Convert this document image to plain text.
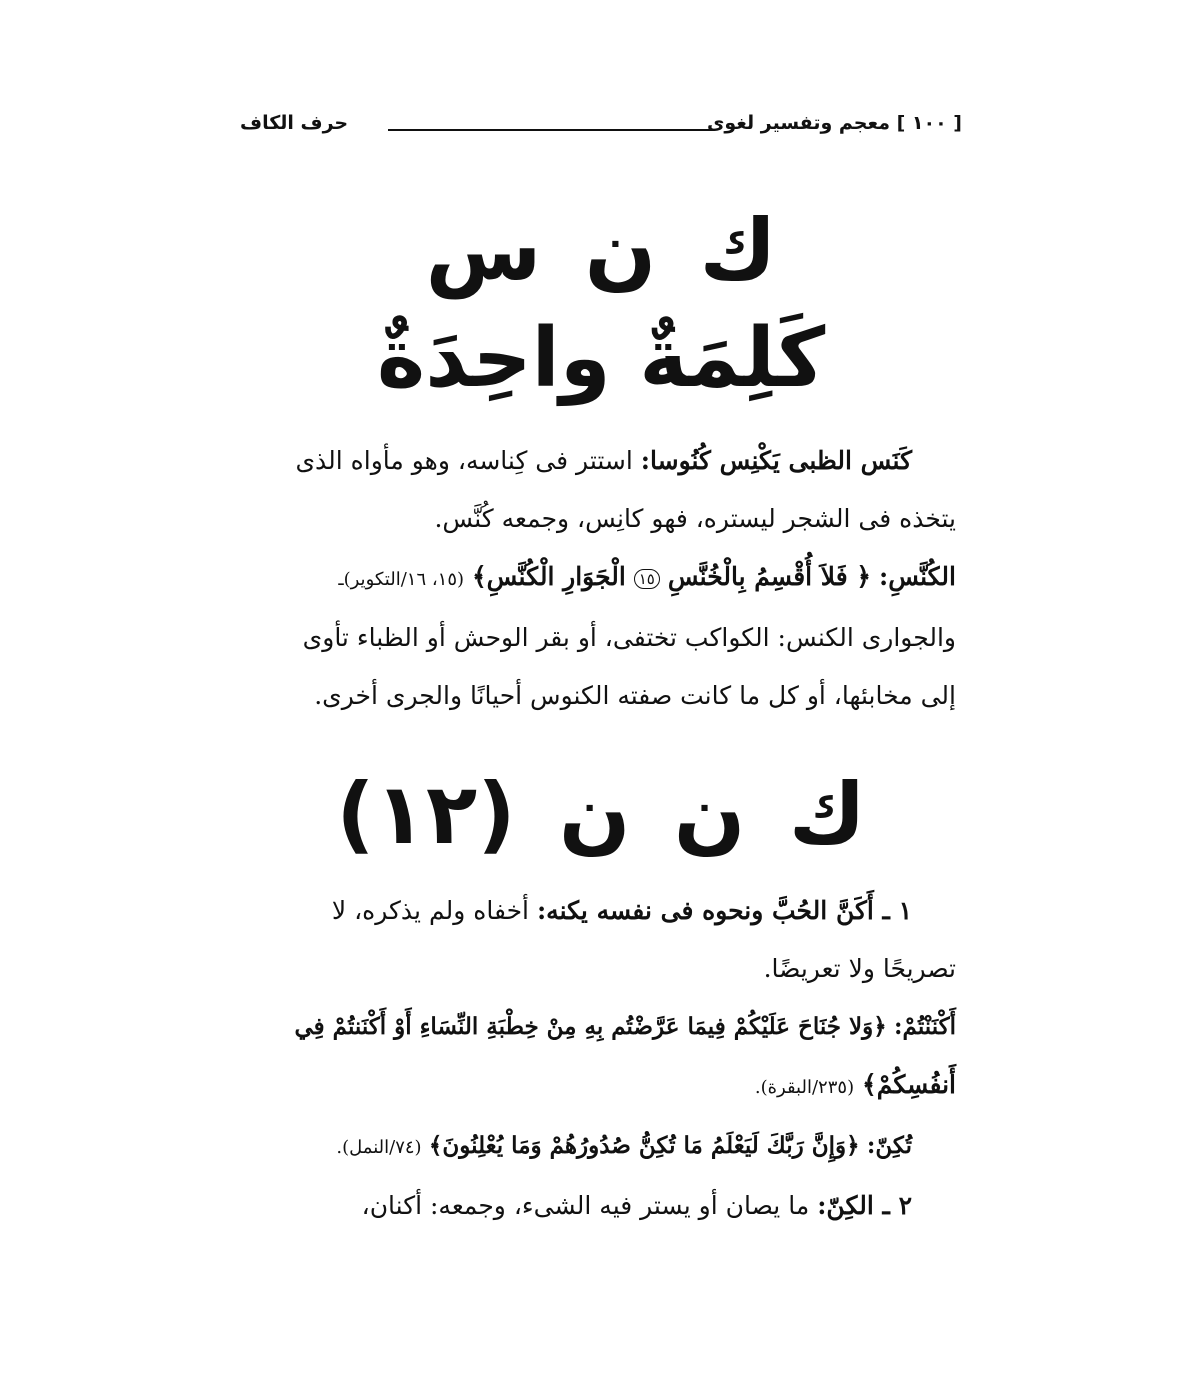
حرف الكاف	[ ١٠٠ ] معجم وتفسير لغوى
ك ن س
كَلِمَةٌ واحِدَةٌ
كَنَس الظبى يَكْنِس كُنُوسا: استتر فى كِناسه، وهو مأواه الذى
يتخذه فى الشجر ليستره، فهو كانِس، وجمعه كُنَّس.
الكُنَّسِ: ﴿ فَلاَ أُقْسِمُ بِالْخُنَّسِ ١٥ الْجَوَارِ الْكُنَّسِ﴾ (١٥، ١٦/التكوير)ـ
والجوارى الكنس: الكواكب تختفى، أو بقر الوحش أو الظباء تأوى
إلى مخابئها، أو كل ما كانت صفته الكنوس أحيانًا والجرى أخرى.
ك ن ن (١٢)
١ ـ أَكَنَّ الحُبَّ ونحوه فى نفسه يكنه: أخفاه ولم يذكره، لا
تصريحًا ولا تعريضًا.
أَكْنَنْتُمْ: ﴿وَلا جُنَاحَ عَلَيْكُمْ فِيمَا عَرَّضْتُم بِهِ مِنْ خِطْبَةِ النِّسَاءِ أَوْ أَكْنَنتُمْ فِي
أَنفُسِكُمْ﴾ (٢٣٥/البقرة).
تُكِنّ: ﴿وَإِنَّ رَبَّكَ لَيَعْلَمُ مَا تُكِنُّ صُدُورُهُمْ وَمَا يُعْلِنُونَ﴾ (٧٤/النمل).
٢ ـ الكِنّ: ما يصان أو يستر فيه الشىء، وجمعه: أكنان،
